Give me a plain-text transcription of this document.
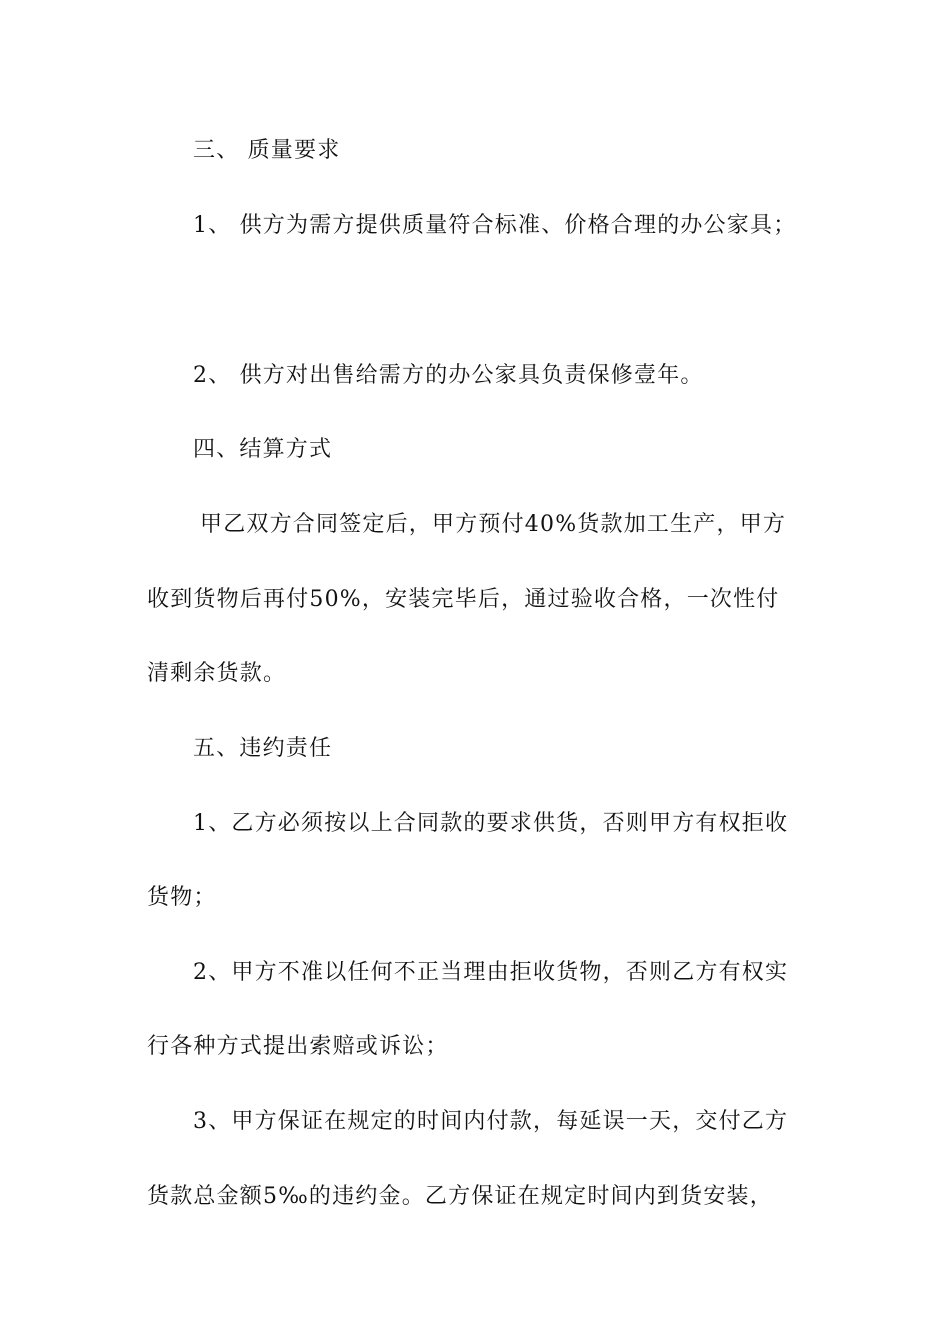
三、 质量要求
1、 供方为需方提供质量符合标准、价格合理的办公家具；
2、 供方对出售给需方的办公家具负责保修壹年。
四、结算方式
甲乙双方合同签定后，甲方预付40%货款加工生产，甲方
收到货物后再付50%，安装完毕后，通过验收合格，一次性付
清剩余货款。
五、违约责任
1、乙方必须按以上合同款的要求供货，否则甲方有权拒收
货物；
2、甲方不准以任何不正当理由拒收货物，否则乙方有权实
行各种方式提出索赔或诉讼；
3、甲方保证在规定的时间内付款，每延误一天，交付乙方
货款总金额5‰的违约金。乙方保证在规定时间内到货安装，
